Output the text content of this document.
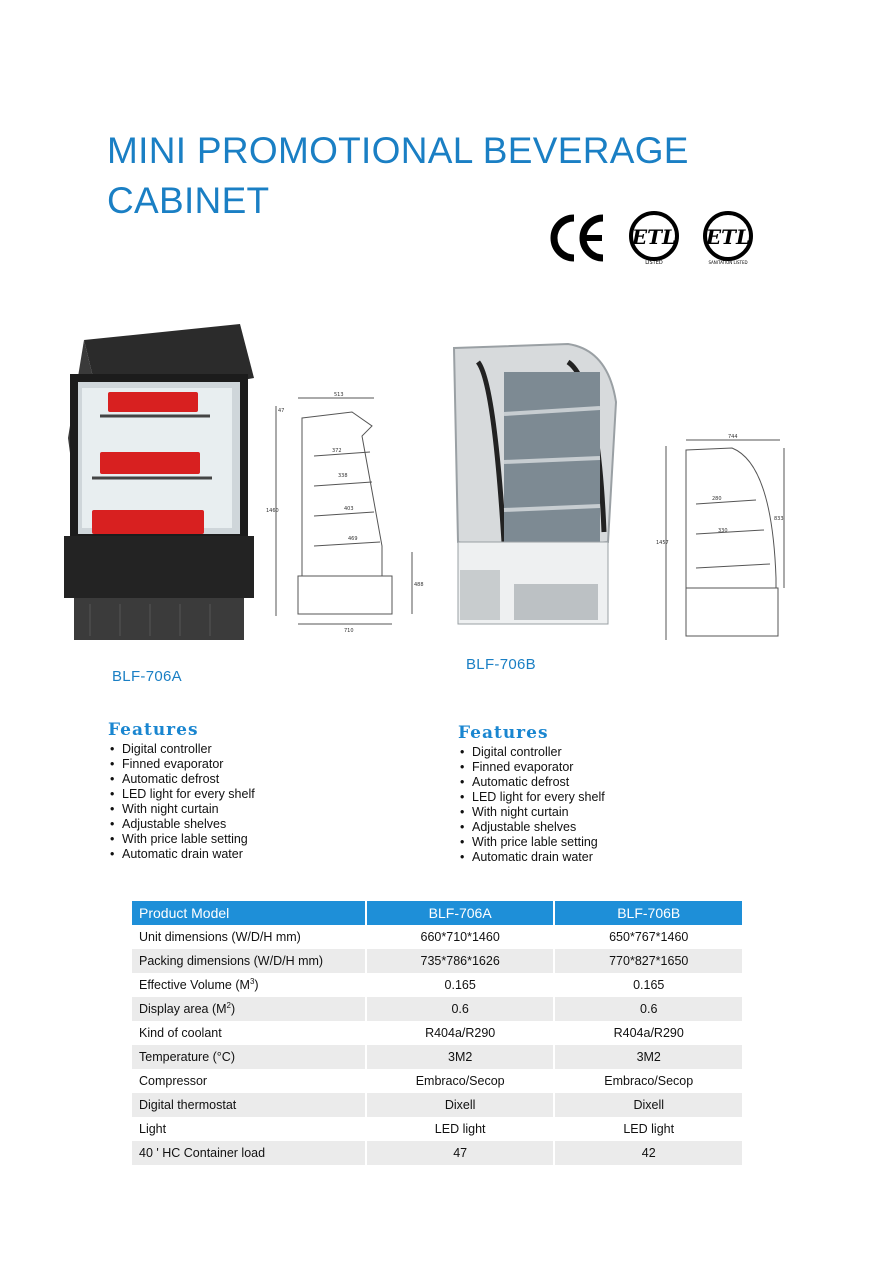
MINI PROMOTIONAL BEVERAGE CABINET
ETL
LISTED
ETL
SANITATION LISTED
513
47
372
338
403
469
1460
488
710
744
280
330
1457
833
BLF-706A
BLF-706B
Features
• Digital controller
• Finned evaporator
• Automatic defrost
• LED light for every shelf
• With night curtain
• Adjustable shelves
• With price lable setting
• Automatic drain water
Features
• Digital controller
• Finned evaporator
• Automatic defrost
• LED light for every shelf
• With night curtain
• Adjustable shelves
• With price lable setting
• Automatic drain water
Product Model	BLF-706A	BLF-706B
Unit dimensions (W/D/H mm)	660*710*1460	650*767*1460
Packing dimensions (W/D/H mm)	735*786*1626	770*827*1650
Effective Volume $(M^3)$	0.165	0.165
Display area $(M^2)$	0.6	0.6
Kind of coolant	R404a/R290	R404a/R290
Temperature (°C)	3M2	3M2
Compressor	Embraco/Secop	Embraco/Secop
Digital thermostat	Dixell	Dixell
Light	LED light	LED light
40 ' HC Container load	47	42
